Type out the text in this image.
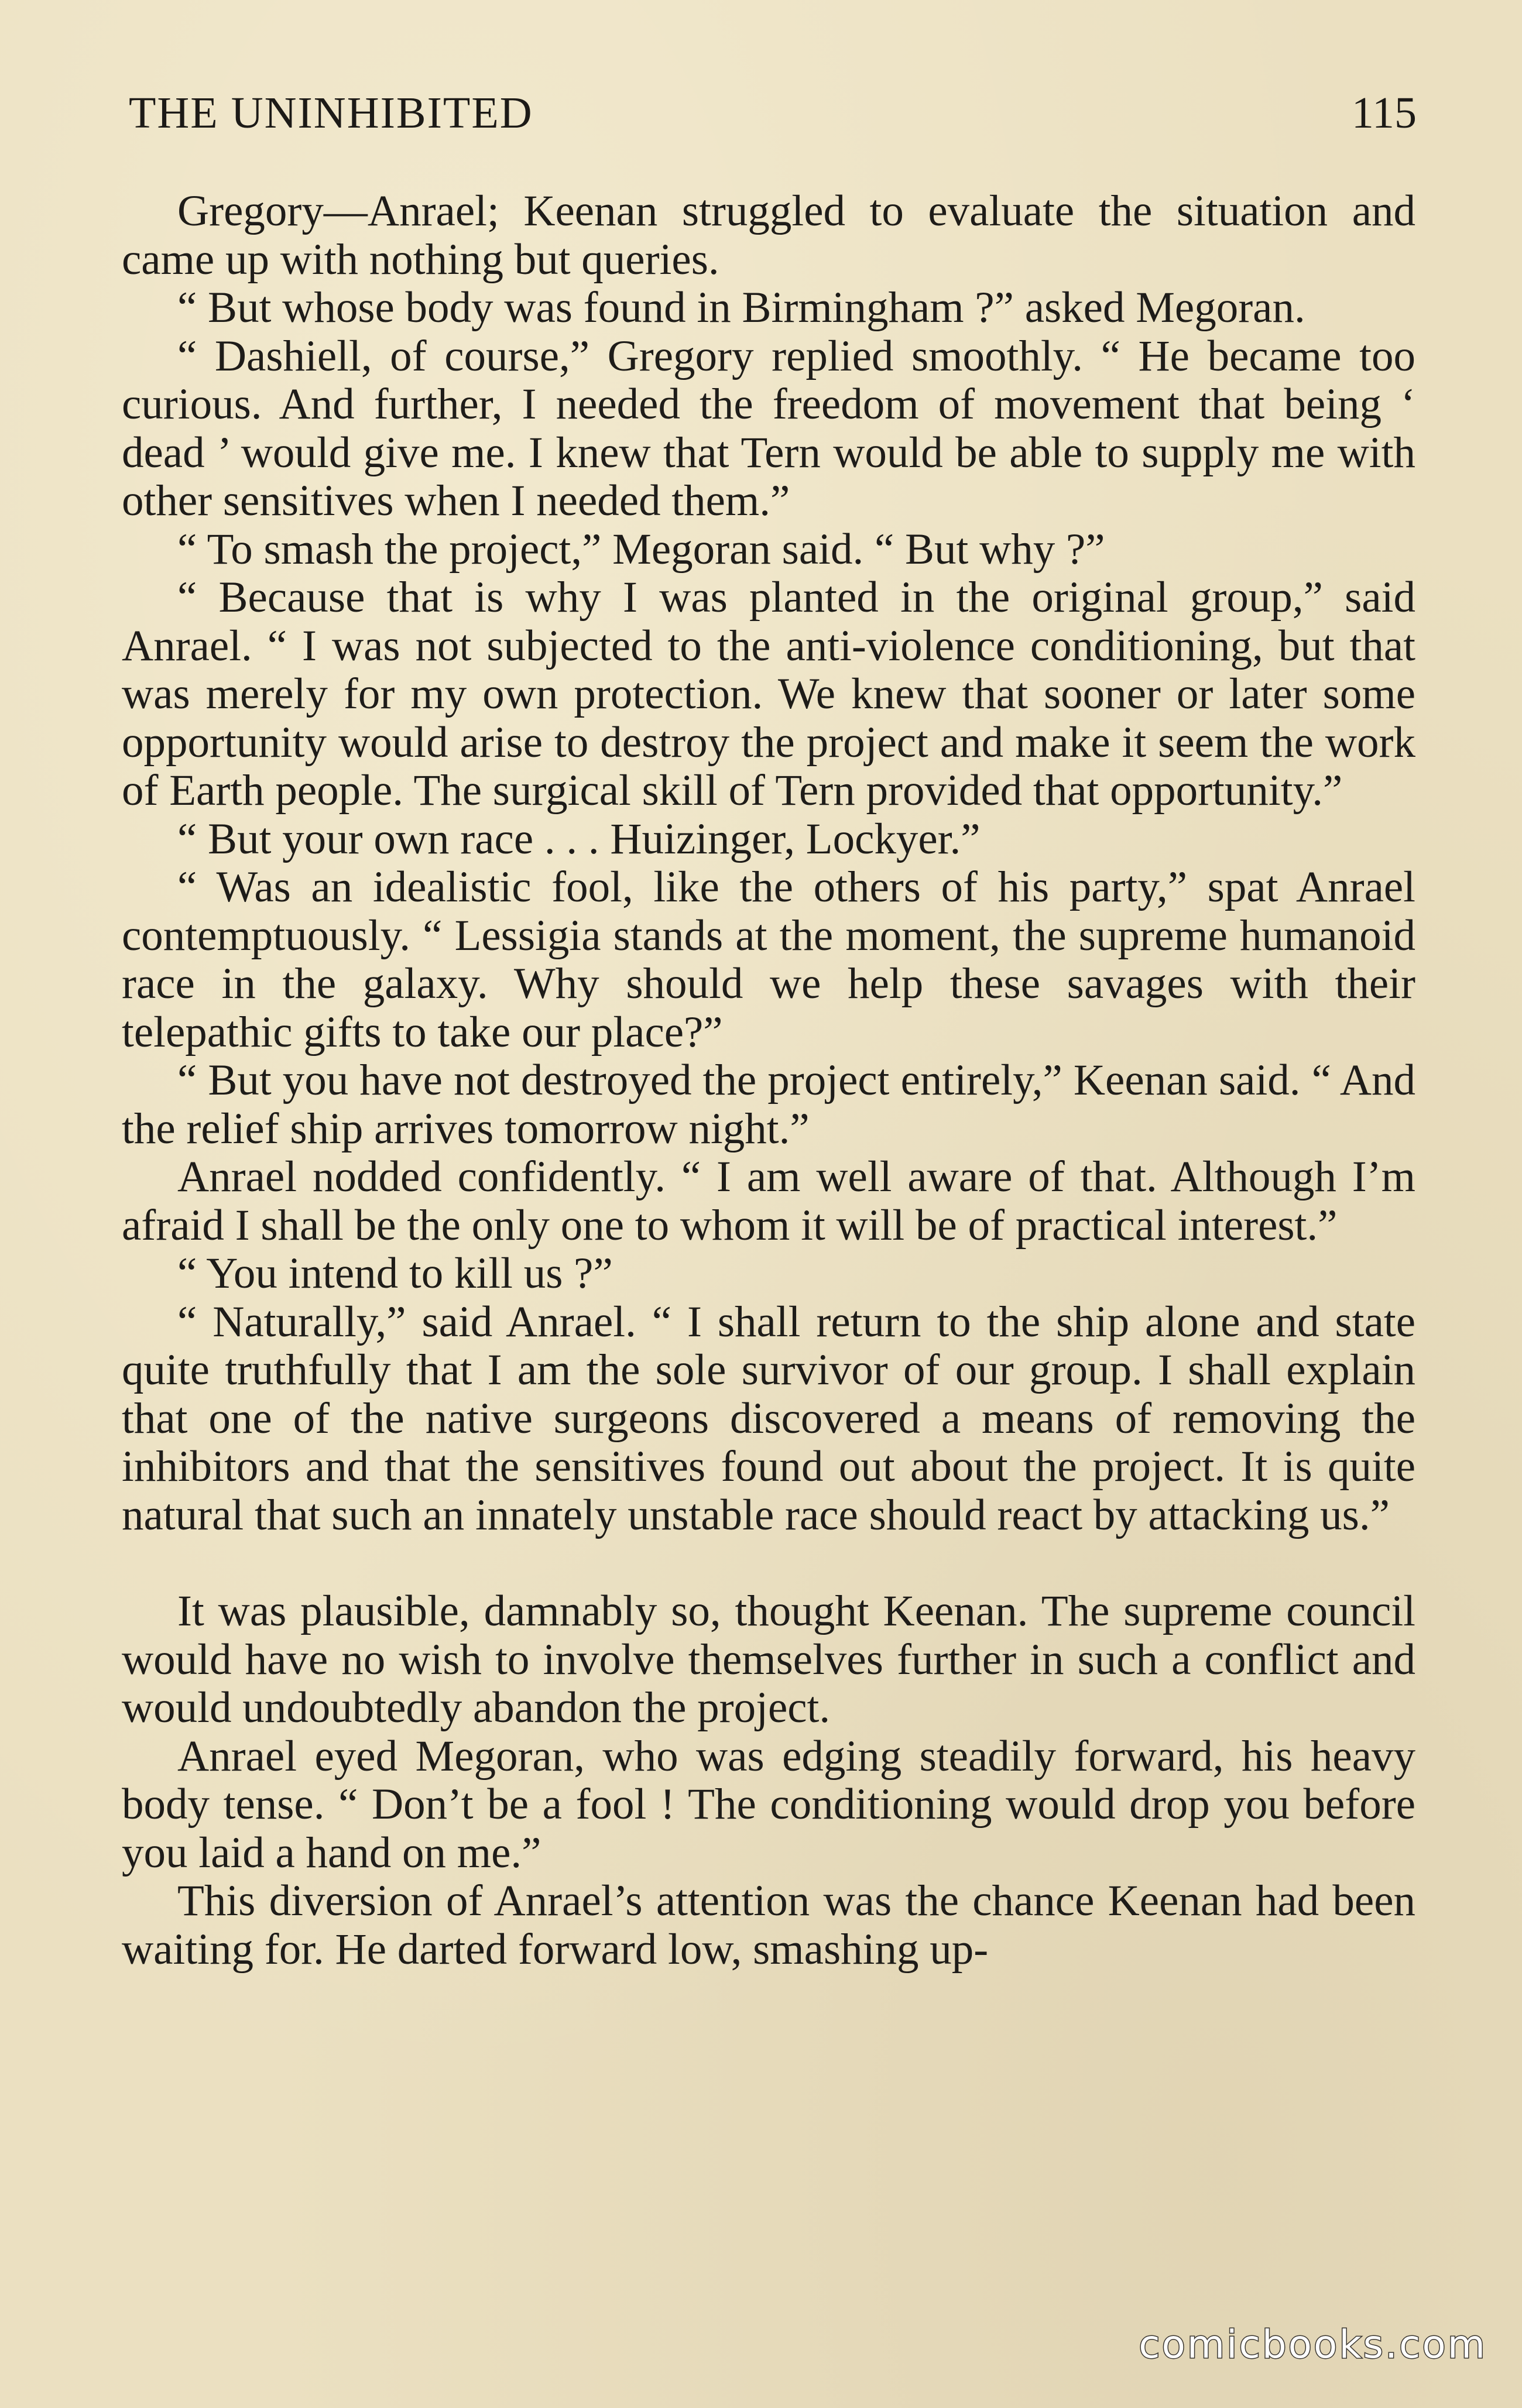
THE UNINHIBITED	115

Gregory—Anrael; Keenan struggled to evaluate the situation and came up with nothing but queries.

“ But whose body was found in Birmingham ?” asked Megoran.

“ Dashiell, of course,” Gregory replied smoothly. “ He became too curious. And further, I needed the freedom of movement that being ‘ dead ’ would give me. I knew that Tern would be able to supply me with other sensitives when I needed them.”

“ To smash the project,” Megoran said. “ But why ?”

“ Because that is why I was planted in the original group,” said Anrael. “ I was not subjected to the anti-violence conditioning, but that was merely for my own protection. We knew that sooner or later some opportunity would arise to destroy the project and make it seem the work of Earth people. The surgical skill of Tern provided that opportunity.”

“ But your own race . . . Huizinger, Lockyer.”

“ Was an idealistic fool, like the others of his party,” spat Anrael contemptuously. “ Lessigia stands at the moment, the supreme humanoid race in the galaxy. Why should we help these savages with their telepathic gifts to take our place?”

“ But you have not destroyed the project entirely,” Keenan said. “ And the relief ship arrives tomorrow night.”

Anrael nodded confidently. “ I am well aware of that. Although I’m afraid I shall be the only one to whom it will be of practical interest.”

“ You intend to kill us ?”

“ Naturally,” said Anrael. “ I shall return to the ship alone and state quite truthfully that I am the sole survivor of our group. I shall explain that one of the native surgeons discovered a means of removing the inhibitors and that the sensitives found out about the project. It is quite natural that such an innately unstable race should react by attacking us.”

It was plausible, damnably so, thought Keenan. The supreme council would have no wish to involve themselves further in such a conflict and would undoubtedly abandon the project.

Anrael eyed Megoran, who was edging steadily forward, his heavy body tense. “ Don’t be a fool ! The conditioning would drop you before you laid a hand on me.”

This diversion of Anrael’s attention was the chance Keenan had been waiting for. He darted forward low, smashing up-

comicbooks.com
